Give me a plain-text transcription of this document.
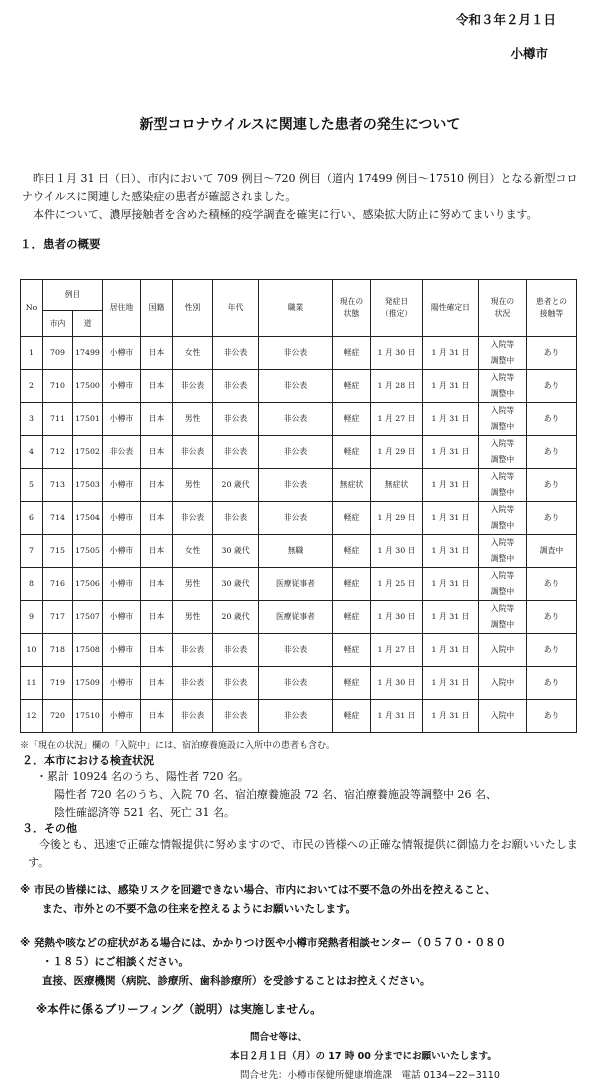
令和３年２月１日
小樽市
新型コロナウイルスに関連した患者の発生について

昨日１月 31 日（日）、市内において 709 例目～720 例目（道内 17499 例目～17510 例目）となる新型コロナウイルスに関連した感染症の患者が確認されました。

本件について、濃厚接触者を含めた積極的疫学調査を確実に行い、感染拡大防止に努めてまいります。

１．患者の概要
No	例目		居住地	国籍	性別	年代	職業	現在の状態	発症日（推定）	陽性確定日	現在の状況	患者との接触等
	市内	道										
1	709	17499	小樽市	日本	女性	非公表	非公表	軽症	1 月 30 日	1 月 31 日	入院等調整中	あり
2	710	17500	小樽市	日本	非公表	非公表	非公表	軽症	1 月 28 日	1 月 31 日	入院等調整中	あり
3	711	17501	小樽市	日本	男性	非公表	非公表	軽症	1 月 27 日	1 月 31 日	入院等調整中	あり
4	712	17502	非公表	日本	非公表	非公表	非公表	軽症	1 月 29 日	1 月 31 日	入院等調整中	あり
5	713	17503	小樽市	日本	男性	20 歳代	非公表	無症状	無症状	1 月 31 日	入院等調整中	あり
6	714	17504	小樽市	日本	非公表	非公表	非公表	軽症	1 月 29 日	1 月 31 日	入院等調整中	あり
7	715	17505	小樽市	日本	女性	30 歳代	無職	軽症	1 月 30 日	1 月 31 日	入院等調整中	調査中
8	716	17506	小樽市	日本	男性	30 歳代	医療従事者	軽症	1 月 25 日	1 月 31 日	入院等調整中	あり
9	717	17507	小樽市	日本	男性	20 歳代	医療従事者	軽症	1 月 30 日	1 月 31 日	入院等調整中	あり
10	718	17508	小樽市	日本	非公表	非公表	非公表	軽症	1 月 27 日	1 月 31 日	入院中	あり
11	719	17509	小樽市	日本	非公表	非公表	非公表	軽症	1 月 30 日	1 月 31 日	入院中	あり
12	720	17510	小樽市	日本	非公表	非公表	非公表	軽症	1 月 31 日	1 月 31 日	入院中	あり
※「現在の状況」欄の「入院中」には、宿泊療養施設に入所中の患者も含む。
２．本市における検査状況
・累計 10924 名のうち、陽性者 720 名。
陽性者 720 名のうち、入院 70 名、宿泊療養施設 72 名、宿泊療養施設等調整中 26 名、
陰性確認済等 521 名、死亡 31 名。
３．その他

今後とも、迅速で正確な情報提供に努めますので、市民の皆様への正確な情報提供に御協力をお願いいたします。

※ 市民の皆様には、感染リスクを回避できない場合、市内においては不要不急の外出を控えること、
また、市外との不要不急の往来を控えるようにお願いいたします。
※ 発熱や咳などの症状がある場合には、かかりつけ医や小樽市発熱者相談センター（０５７０・０８０
・１８５）にご相談ください。
直接、医療機関（病院、診療所、歯科診療所）を受診することはお控えください。
※本件に係るブリーフィング（説明）は実施しません。
問合せ等は、
本日２月１日（月）の 17 時 00 分までにお願いいたします。
問合せ先：小樽市保健所健康増進課　電話 0134−22−3110
